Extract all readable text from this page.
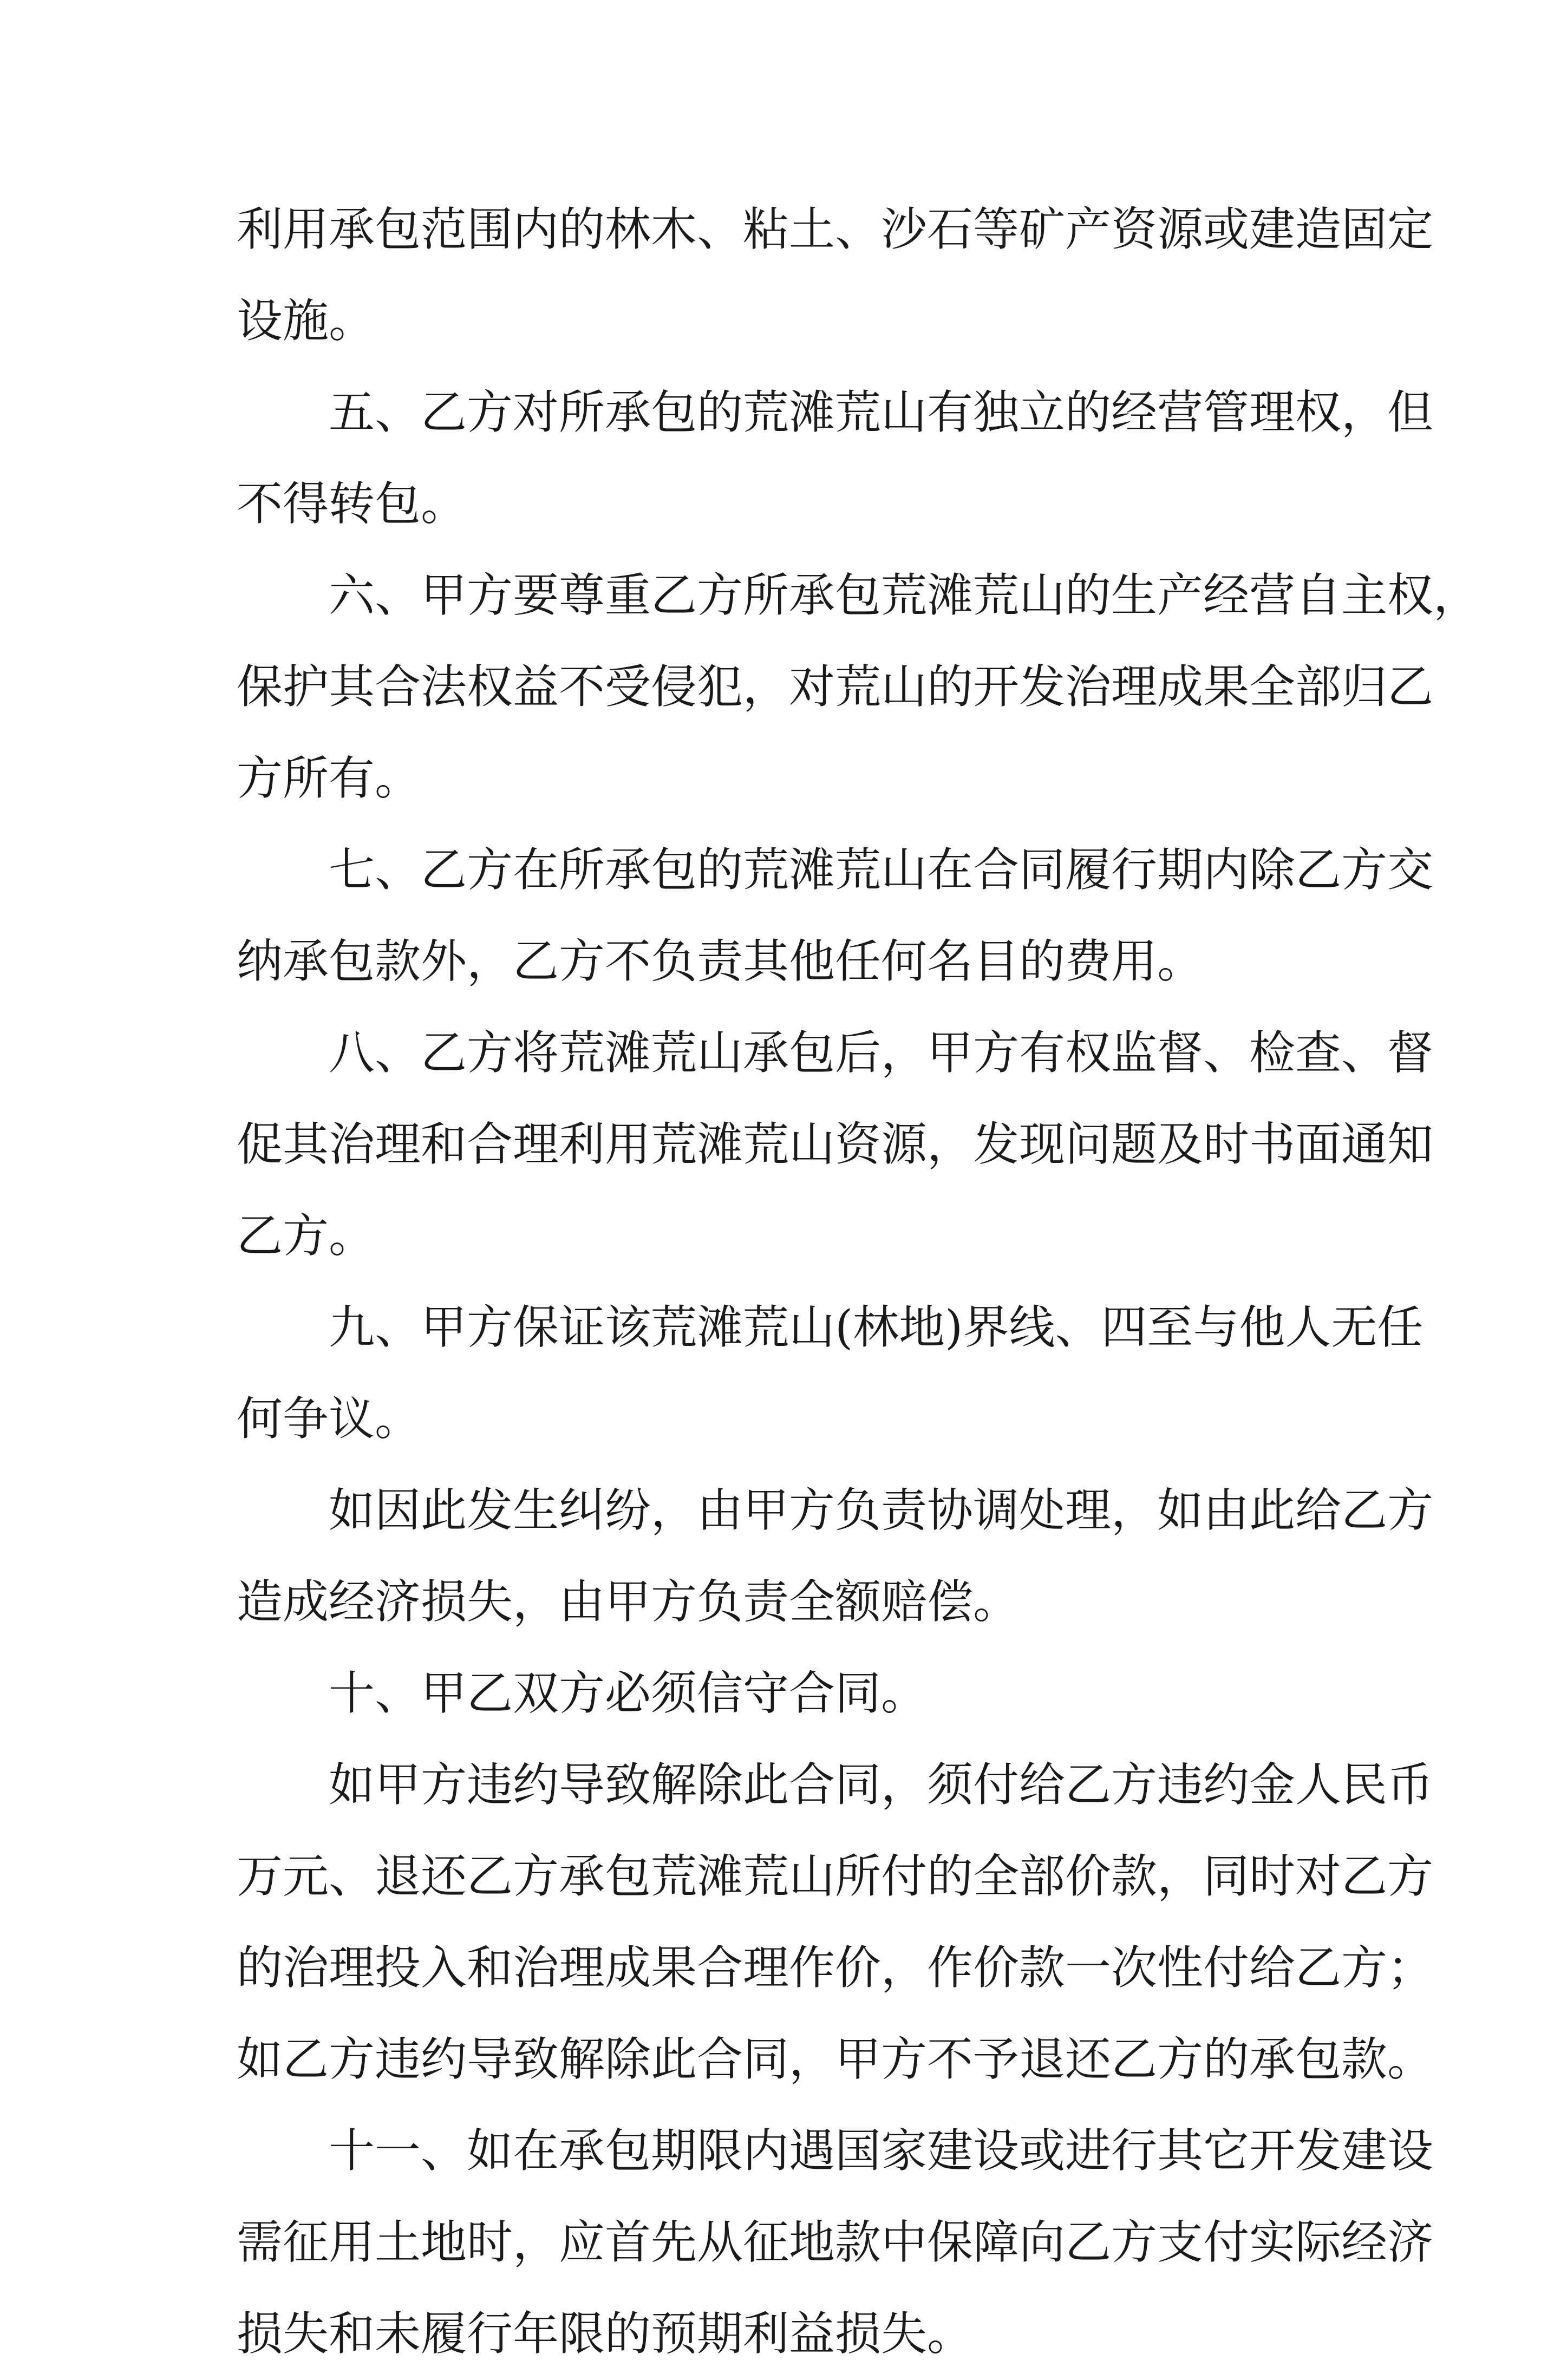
利用承包范围内的林木、粘土、沙石等矿产资源或建造固定
设施。
五、乙方对所承包的荒滩荒山有独立的经营管理权，但
不得转包。
六、甲方要尊重乙方所承包荒滩荒山的生产经营自主权，
保护其合法权益不受侵犯，对荒山的开发治理成果全部归乙
方所有。
七、乙方在所承包的荒滩荒山在合同履行期内除乙方交
纳承包款外，乙方不负责其他任何名目的费用。
八、乙方将荒滩荒山承包后，甲方有权监督、检查、督
促其治理和合理利用荒滩荒山资源，发现问题及时书面通知
乙方。
九、甲方保证该荒滩荒山(林地)界线、四至与他人无任
何争议。
如因此发生纠纷，由甲方负责协调处理，如由此给乙方
造成经济损失，由甲方负责全额赔偿。
十、甲乙双方必须信守合同。
如甲方违约导致解除此合同，须付给乙方违约金人民币
万元、退还乙方承包荒滩荒山所付的全部价款，同时对乙方
的治理投入和治理成果合理作价，作价款一次性付给乙方；
如乙方违约导致解除此合同，甲方不予退还乙方的承包款。
十一、如在承包期限内遇国家建设或进行其它开发建设
需征用土地时，应首先从征地款中保障向乙方支付实际经济
损失和未履行年限的预期利益损失。
